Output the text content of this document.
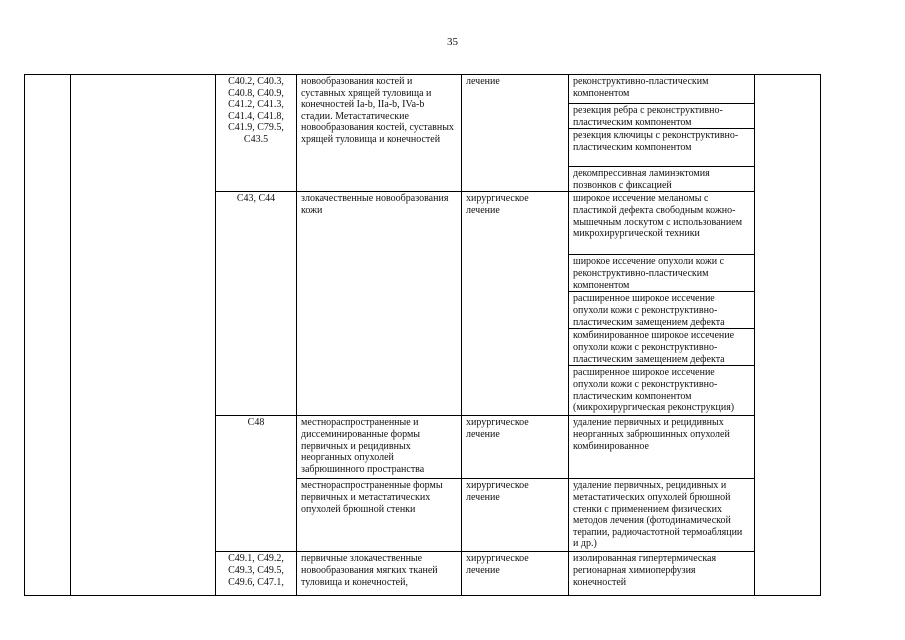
35
		C40.2, C40.3, C40.8, C40.9, C41.2, C41.3, C41.4, C41.8, C41.9, C79.5, C43.5	новообразования костей и суставных хрящей туловища и конечностей Ia-b, IIa-b, IVa-b стадии. Метастатические новообразования костей, суставных хрящей туловища и конечностей	лечение	реконструктивно-пластическим компонентом	
					резекция ребра с реконструктивно-пластическим компонентом	
					резекция ключицы с реконструктивно-пластическим компонентом	
					декомпрессивная ламинэктомия позвонков с фиксацией	
		C43, C44	злокачественные новообразования кожи	хирургическое лечение	широкое иссечение меланомы с пластикой дефекта свободным кожно-мышечным лоскутом с использованием микрохирургической техники	
					широкое иссечение опухоли кожи с реконструктивно-пластическим компонентом	
					расширенное широкое иссечение опухоли кожи с реконструктивно-пластическим замещением дефекта	
					комбинированное широкое иссечение опухоли кожи с реконструктивно-пластическим замещением дефекта	
					расширенное широкое иссечение опухоли кожи с реконструктивно-пластическим компонентом (микрохирургическая реконструкция)	
		C48	местнораспространенные и диссеминированные формы первичных и рецидивных неорганных опухолей забрюшинного пространства	хирургическое лечение	удаление первичных и рецидивных неорганных забрюшинных опухолей комбинированное	
			местнораспространенные формы первичных и метастатических опухолей брюшной стенки	хирургическое лечение	удаление первичных, рецидивных и метастатических опухолей брюшной стенки с применением физических методов лечения (фотодинамической терапии, радиочастотной термоабляции и др.)	
		C49.1, C49.2, C49.3, C49.5, C49.6, C47.1,	первичные злокачественные новообразования мягких тканей туловища и конечностей,	хирургическое лечение	изолированная гипертермическая регионарная химиоперфузия конечностей	
